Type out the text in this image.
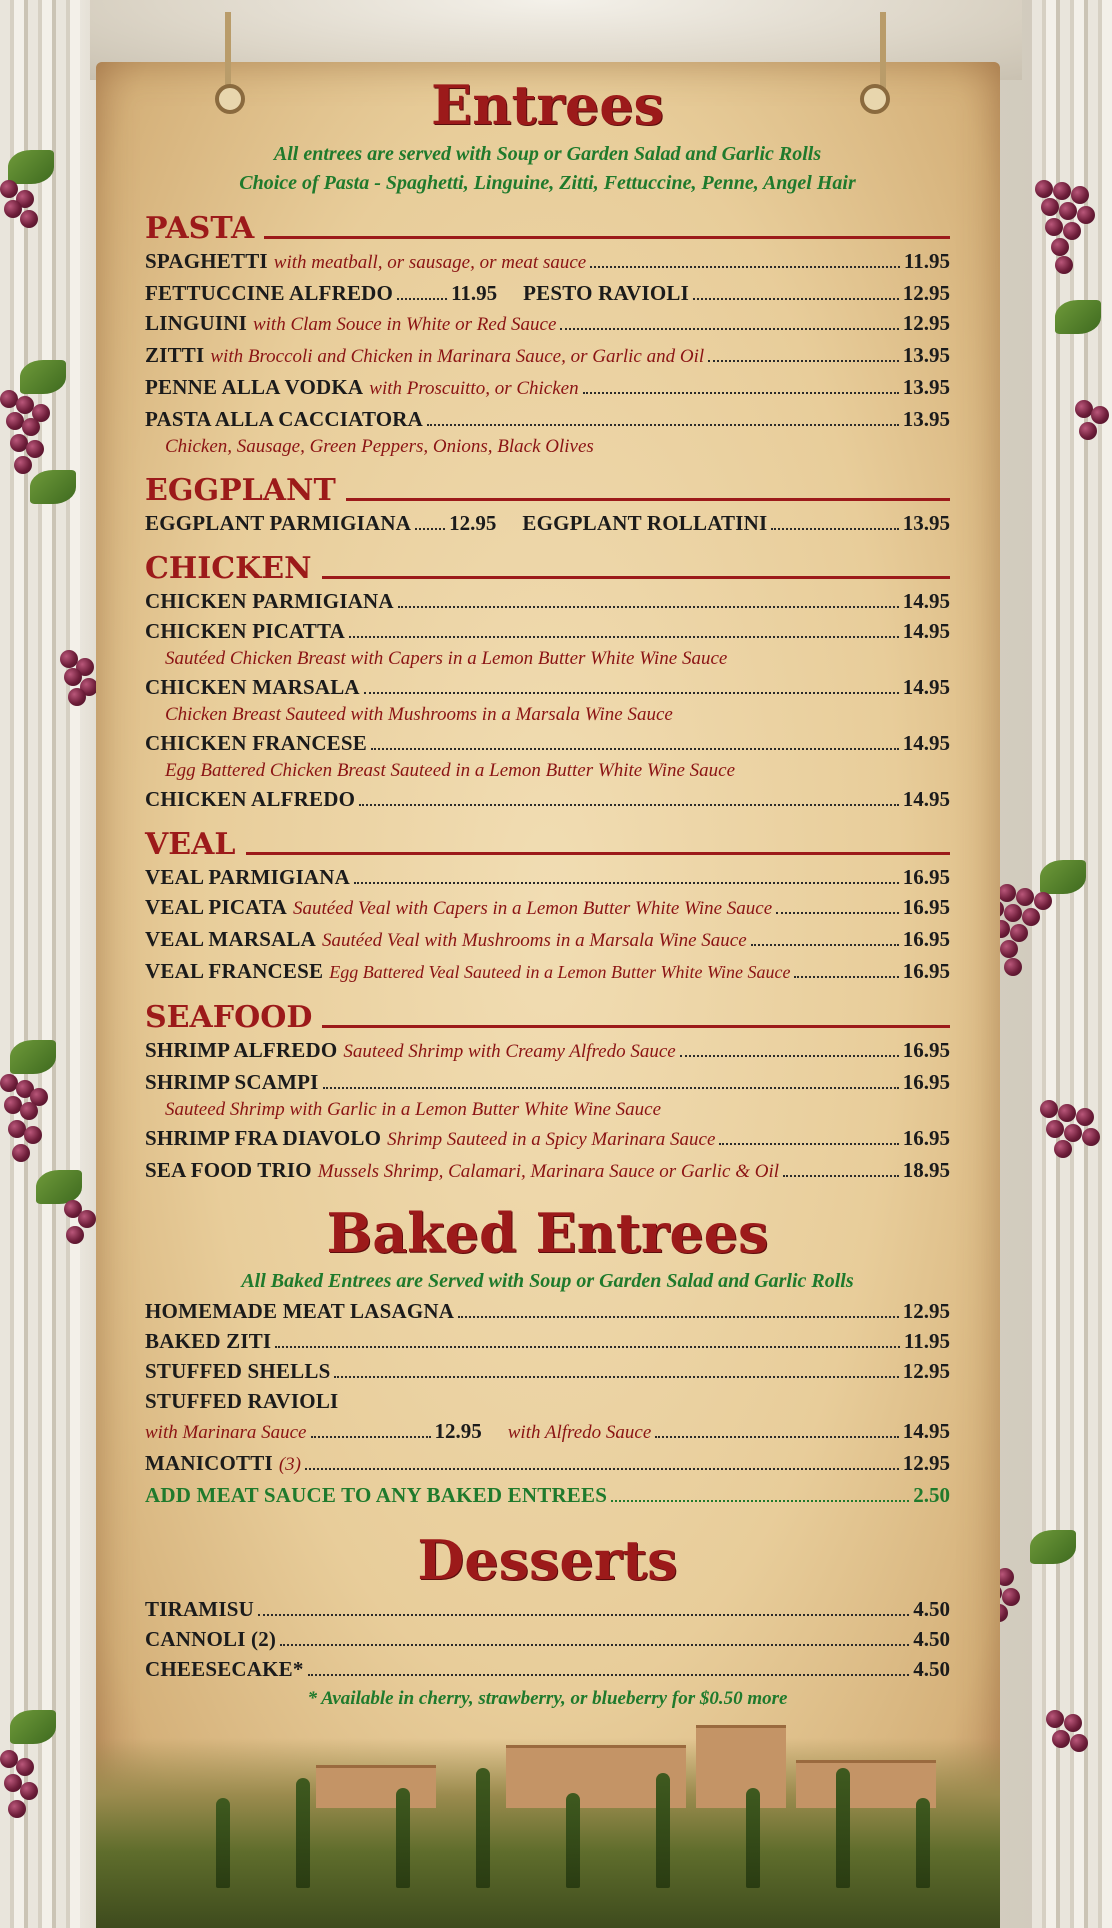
Entrees

All entrees are served with Soup or Garden Salad and Garlic Rolls

Choice of Pasta - Spaghetti, Linguine, Zitti, Fettuccine, Penne, Angel Hair

PASTA
SPAGHETTI with meatball, or sausage, or meat sauce	11.95
FETTUCCINE ALFREDO	11.95 PESTO RAVIOLI	12.95
LINGUINI with Clam Souce in White or Red Sauce	12.95
ZITTI with Broccoli and Chicken in Marinara Sauce, or Garlic and Oil	13.95
PENNE ALLA VODKA with Proscuitto, or Chicken	13.95
PASTA ALLA CACCIATORA	13.95
Chicken, Sausage, Green Peppers, Onions, Black Olives
EGGPLANT
EGGPLANT PARMIGIANA 12.95 EGGPLANT ROLLATINI	13.95
CHICKEN
CHICKEN PARMIGIANA	14.95
CHICKEN PICATTA	14.95
Sautéed Chicken Breast with Capers in a Lemon Butter White Wine Sauce
CHICKEN MARSALA	14.95
Chicken Breast Sauteed with Mushrooms in a Marsala Wine Sauce
CHICKEN FRANCESE	14.95
Egg Battered Chicken Breast Sauteed in a Lemon Butter White Wine Sauce
CHICKEN ALFREDO	14.95
VEAL
VEAL PARMIGIANA	16.95
VEAL PICATA Sautéed Veal with Capers in a Lemon Butter White Wine Sauce	16.95
VEAL MARSALA Sautéed Veal with Mushrooms in a Marsala Wine Sauce	16.95
VEAL FRANCESE Egg Battered Veal Sauteed in a Lemon Butter White Wine Sauce	16.95
SEAFOOD
SHRIMP ALFREDO Sauteed Shrimp with Creamy Alfredo Sauce	16.95
SHRIMP SCAMPI	16.95
Sauteed Shrimp with Garlic in a Lemon Butter White Wine Sauce
SHRIMP FRA DIAVOLO Shrimp Sauteed in a Spicy Marinara Sauce	16.95
SEA FOOD TRIO Mussels Shrimp, Calamari, Marinara Sauce or Garlic & Oil	18.95
Baked Entrees

All Baked Entrees are Served with Soup or Garden Salad and Garlic Rolls

HOMEMADE MEAT LASAGNA	12.95
BAKED ZITI	11.95
STUFFED SHELLS	12.95
STUFFED RAVIOLI
with Marinara Sauce	12.95 with Alfredo Sauce	14.95
MANICOTTI (3)	12.95
ADD MEAT SAUCE TO ANY BAKED ENTREES	2.50
Desserts
TIRAMISU	4.50
CANNOLI (2)	4.50
CHEESECAKE*	4.50
* Available in cherry, strawberry, or blueberry for $0.50 more
